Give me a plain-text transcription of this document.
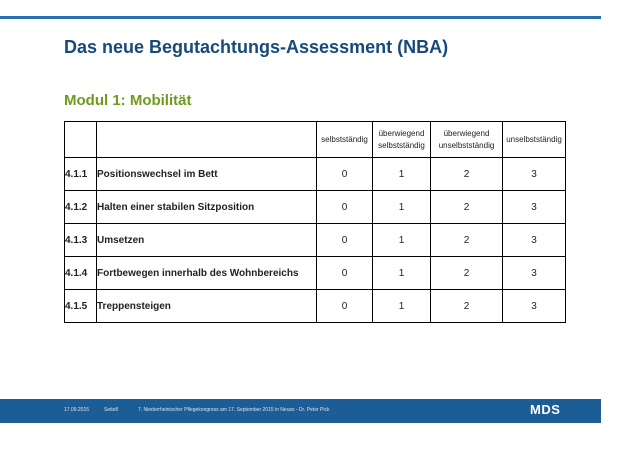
Das neue Begutachtungs-Assessment (NBA)
Modul 1: Mobilität
		selbstständig	überwiegend selbstständig	überwiegend unselbstständig	unselbstständig
4.1.1	Positionswechsel im Bett	0	1	2	3
4.1.2	Halten einer stabilen Sitzposition	0	1	2	3
4.1.3	Umsetzen	0	1	2	3
4.1.4	Fortbewegen innerhalb des Wohnbereichs	0	1	2	3
4.1.5	Treppensteigen	0	1	2	3
17.09.2015	Seite8	7. Niederrheinischer Pflegekongress am 17. September 2015 in Neuss - Dr. Peter Pick	MDS
